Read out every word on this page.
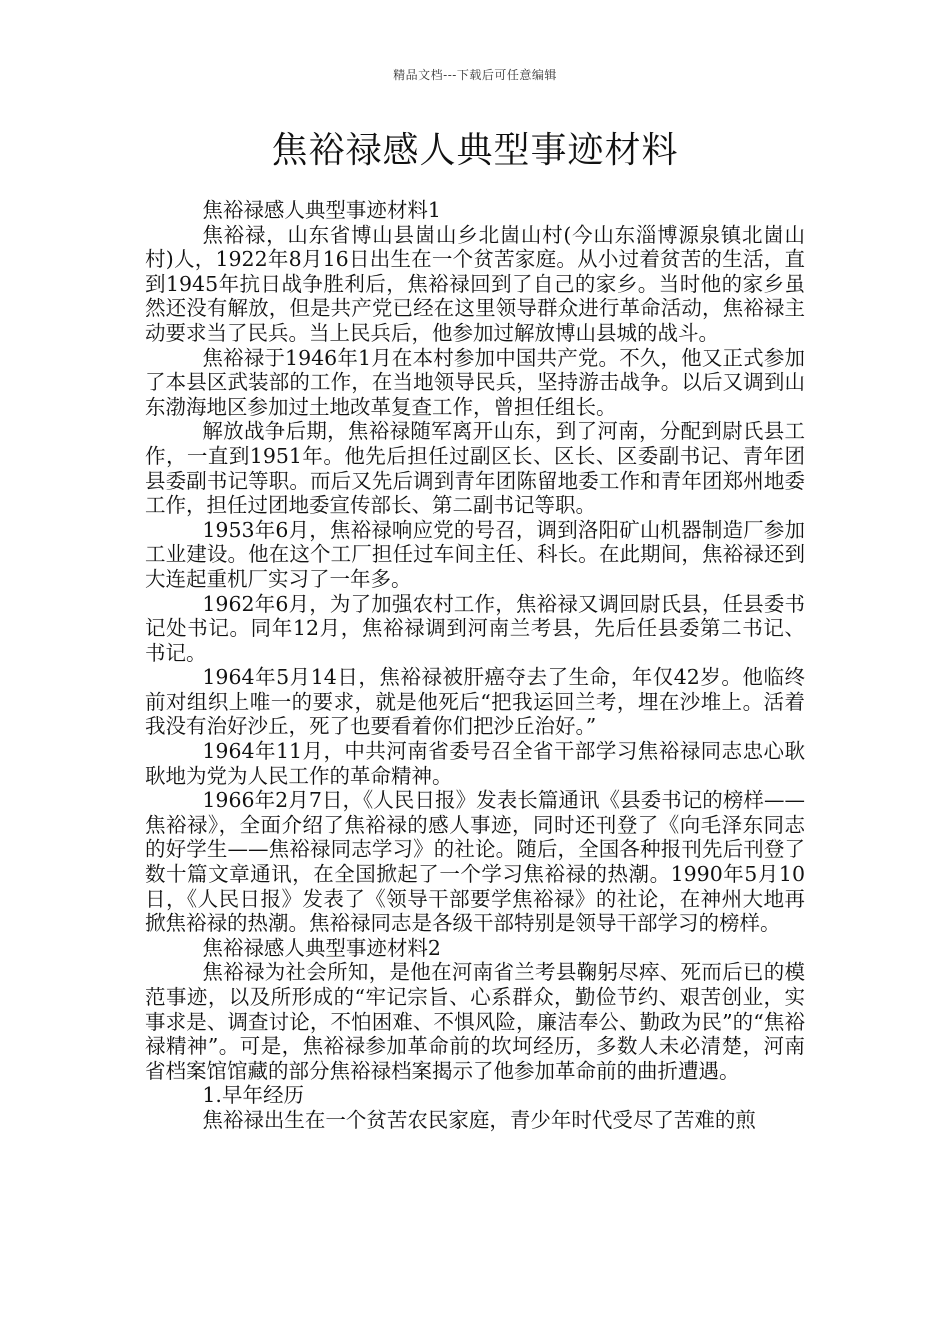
精品文档---下载后可任意编辑
焦裕禄感人典型事迹材料

焦裕禄感人典型事迹材料1

焦裕禄，山东省博山县崮山乡北崮山村(今山东淄博源泉镇北崮山村)人，1922年8月16日出生在一个贫苦家庭。从小过着贫苦的生活，直到1945年抗日战争胜利后，焦裕禄回到了自己的家乡。当时他的家乡虽然还没有解放，但是共产党已经在这里领导群众进行革命活动，焦裕禄主动要求当了民兵。当上民兵后，他参加过解放博山县城的战斗。

焦裕禄于1946年1月在本村参加中国共产党。不久，他又正式参加了本县区武装部的工作，在当地领导民兵，坚持游击战争。以后又调到山东渤海地区参加过土地改革复查工作，曾担任组长。

解放战争后期，焦裕禄随军离开山东，到了河南，分配到尉氏县工作，一直到1951年。他先后担任过副区长、区长、区委副书记、青年团县委副书记等职。而后又先后调到青年团陈留地委工作和青年团郑州地委工作，担任过团地委宣传部长、第二副书记等职。

1953年6月，焦裕禄响应党的号召，调到洛阳矿山机器制造厂参加工业建设。他在这个工厂担任过车间主任、科长。在此期间，焦裕禄还到大连起重机厂实习了一年多。

1962年6月，为了加强农村工作，焦裕禄又调回尉氏县，任县委书记处书记。同年12月，焦裕禄调到河南兰考县，先后任县委第二书记、书记。

1964年5月14日，焦裕禄被肝癌夺去了生命，年仅42岁。他临终前对组织上唯一的要求，就是他死后“把我运回兰考，埋在沙堆上。活着我没有治好沙丘，死了也要看着你们把沙丘治好。”

1964年11月，中共河南省委号召全省干部学习焦裕禄同志忠心耿耿地为党为人民工作的革命精神。

1966年2月7日，《人民日报》发表长篇通讯《县委书记的榜样——焦裕禄》，全面介绍了焦裕禄的感人事迹，同时还刊登了《向毛泽东同志的好学生——焦裕禄同志学习》的社论。随后，全国各种报刊先后刊登了数十篇文章通讯，在全国掀起了一个学习焦裕禄的热潮。1990年5月10日，《人民日报》发表了《领导干部要学焦裕禄》的社论，在神州大地再掀焦裕禄的热潮。焦裕禄同志是各级干部特别是领导干部学习的榜样。

焦裕禄感人典型事迹材料2

焦裕禄为社会所知，是他在河南省兰考县鞠躬尽瘁、死而后已的模范事迹，以及所形成的“牢记宗旨、心系群众，勤俭节约、艰苦创业，实事求是、调查讨论，不怕困难、不惧风险，廉洁奉公、勤政为民”的“焦裕禄精神”。可是，焦裕禄参加革命前的坎坷经历，多数人未必清楚，河南省档案馆馆藏的部分焦裕禄档案揭示了他参加革命前的曲折遭遇。

1.早年经历

焦裕禄出生在一个贫苦农民家庭，青少年时代受尽了苦难的煎
